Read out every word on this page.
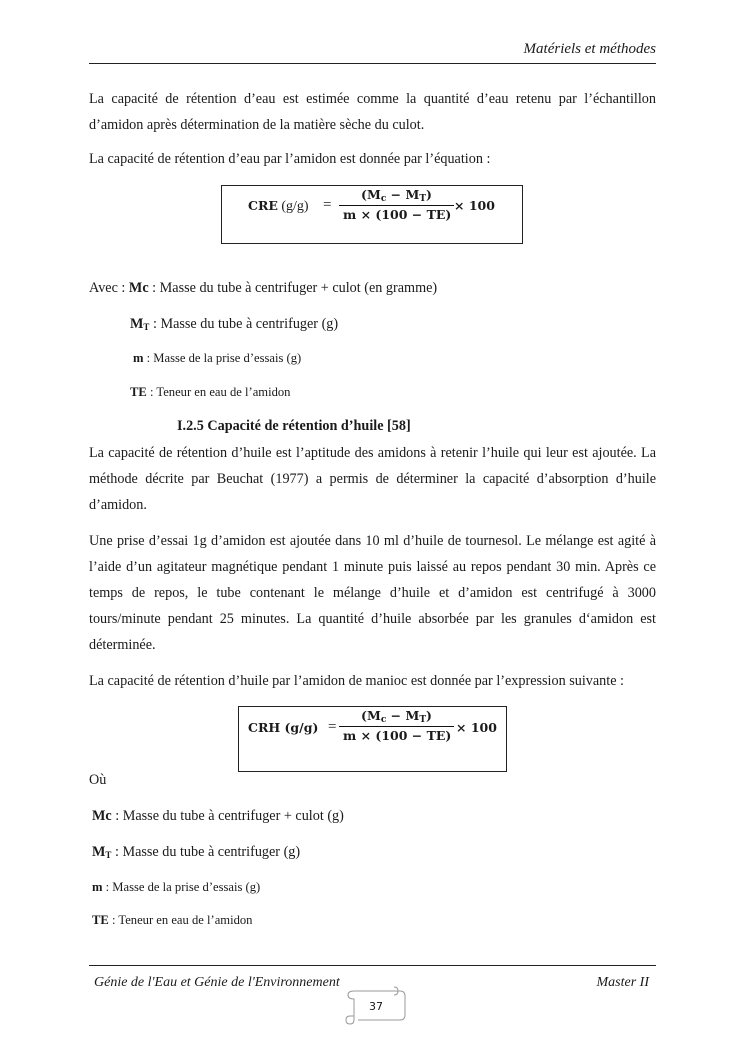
Matériels et méthodes
La capacité de rétention d’eau est estimée comme la quantité d’eau retenu par l’échantillon d’amidon après détermination de la matière sèche du culot.
La capacité de rétention d’eau par l’amidon est donnée par l’équation :
CRE (g/g) =
$(M_c - M_T)$
m × (100 − TE)
× 100
Avec : Mc : Masse du tube à centrifuger + culot (en gramme)
$M_T$ : Masse du tube à centrifuger (g)
m : Masse de la prise d’essais (g)
TE : Teneur en eau de l’amidon
I.2.5 Capacité de rétention d’huile [58]
La capacité de rétention d’huile est l’aptitude des amidons à retenir l’huile qui leur est ajoutée. La méthode décrite par Beuchat (1977) a permis de déterminer la capacité d’absorption d’huile d’amidon.
Une prise d’essai 1g d’amidon est ajoutée dans 10 ml d’huile de tournesol. Le mélange est agité à l’aide d’un agitateur magnétique pendant 1 minute puis laissé au repos pendant 30 min. Après ce temps de repos, le tube contenant le mélange d’huile et d’amidon est centrifugé à 3000 tours/minute pendant 25 minutes. La quantité d’huile absorbée par les granules d‘amidon est déterminée.
La capacité de rétention d’huile par l’amidon de manioc est donnée par l’expression suivante :
CRH (g/g) =
$(M_c - M_T)$
m × (100 − TE)
× 100
Où
Mc : Masse du tube à centrifuger + culot (g)
$M_T$ : Masse du tube à centrifuger (g)
m : Masse de la prise d’essais (g)
TE : Teneur en eau de l’amidon
Génie de l'Eau et Génie de l'Environnement	Master II
37
